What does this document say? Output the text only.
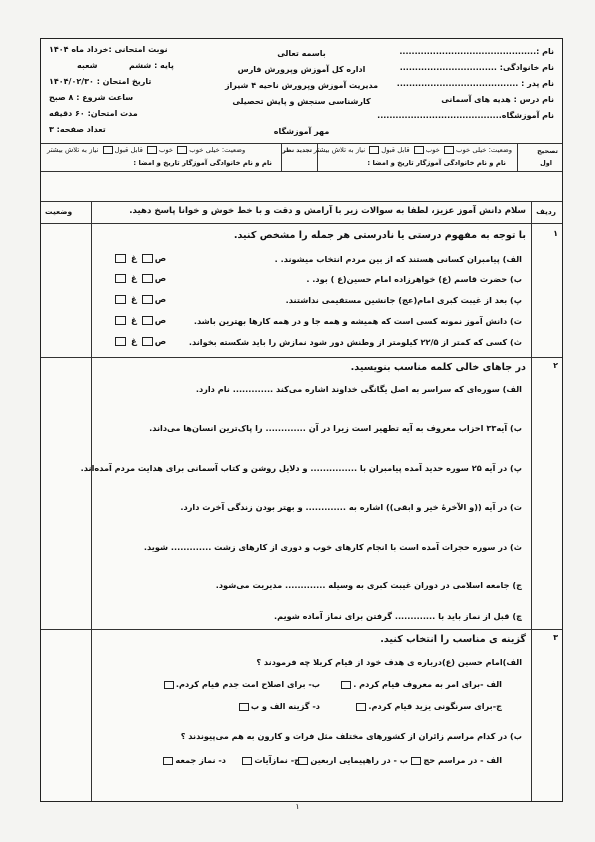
نام :.............................................
نام خانوادگی: ................................
نام پدر : ........................................
نام درس : هدیه های آسمانی
نام آموزشگاه.........................................
باسمه تعالی
اداره کل آموزش وپرورش فارس
مدیریت آموزش وپرورش ناحیه ۴ شیراز
کارشناسی سنجش و پایش تحصیلی
مهر آموزشگاه
نوبت امتحانی :خرداد ماه ۱۴۰۴
پایه : ششم
شعبه
تاریخ امتحان : ۱۴۰۴/۰۲/۳۰
ساعت شروع : ۸ صبح
مدت امتحان: ۶۰ دقیقه
تعداد صفحه: ۳
تصحیح
اول
وضعیت: خیلی خوب خوب قابل قبول نیاز به تلاش بیشتر
نام و نام خانوادگی آموزگار تاریخ و امضا :
تجدید نظر
وضعیت: خیلی خوب خوب قابل قبول نیاز به تلاش بیشتر
نام و نام خانوادگی آموزگار تاریخ و امضا :
ردیف
وضعیت	سلام دانش آموز عزیز، لطفا به سوالات زیر با آرامش و دقت و با خط خوش و خوانا پاسخ دهید.
۱
با توجه به مفهوم درستی یا نادرستی هر جمله را مشخص کنید.
الف) پیامبران کسانی هستند که از بین مردم انتخاب میشوند. .
ب) حضرت قاسم (ع) خواهرزاده امام حسین(ع ) بود. .
پ) بعد از غیبت کبری امام(عج) جانشین مستقیمی نداشتند.
ت) دانش آموز نمونه کسی است که همیشه و همه جا و در همه کارها بهترین باشد.
ث) کسی که کمتر از ۲۲/۵ کیلومتر از وطنش دور شود نمازش را باید شکسته بخواند.
ص غ
ص غ
ص غ
ص غ
ص غ
۲
در جاهای خالی کلمه مناسب بنویسید.
الف) سوره‌ای که سراسر به اصل یگانگی خداوند اشاره می‌کند ............. نام دارد.
ب) آیه۳۳ احزاب معروف به آیه تطهیر است زیرا در آن ............. را پاک‌ترین انسان‌ها می‌داند.
پ) در آیه ۲۵ سوره حدید آمده پیامبران با ............... و دلایل روشن و کتاب آسمانی برای هدایت مردم آمده‌اند.
ت) در آیه ((و الآخرهٔ خیر و ابقی)) اشاره به ............. و بهتر بودن زندگی آخرت دارد.
ث) در سوره حجرات آمده است با انجام کارهای خوب و دوری از کارهای زشت ............. شوید.
ج) جامعه اسلامی در دوران غیبت کبری به وسیله ............. مدیریت می‌شود.
چ) قبل از نماز باید با ............. گرفتن برای نماز آماده شویم.
۳
گزینه ی مناسب را انتخاب کنید.
الف)امام حسین (ع)درباره ی هدف خود از قیام کربلا چه فرمودند ؟
الف -برای امر به معروف قیام کردم .
ب- برای اصلاح امت جدم قیام کردم.
ج-برای سرنگونی یزید قیام کردم.
د- گزینه الف و ب
ب) در کدام مراسم زائران از کشورهای مختلف مثل فرات و کارون به هم می‌پیوندند ؟
الف - در مراسم حج
ب - در راهپیمایی اربعین
ج- نمازآیات
د- نماز جمعه
۱
